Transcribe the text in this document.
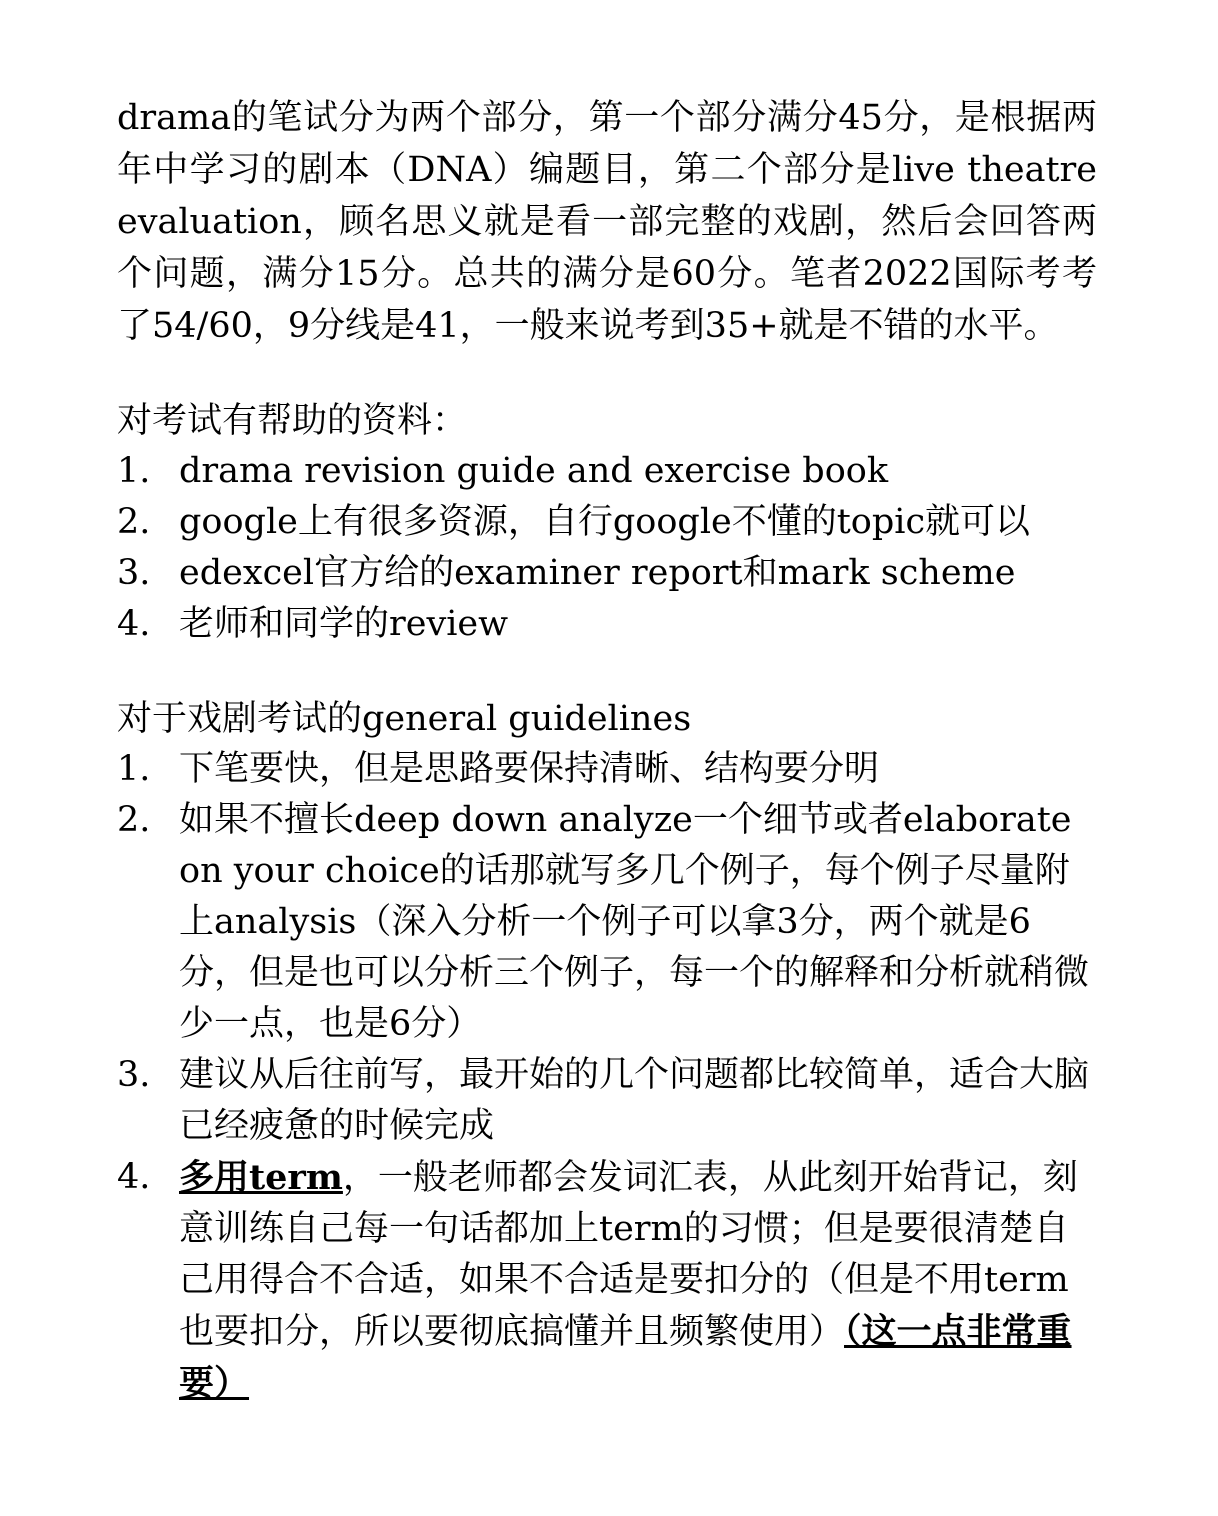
drama的笔试分为两个部分，第一个部分满分45分，是根据两年中学习的剧本（DNA）编题目，第二个部分是live theatre evaluation，顾名思义就是看一部完整的戏剧，然后会回答两个问题，满分15分。总共的满分是60分。笔者2022国际考考了54/60，9分线是41，一般来说考到35+就是不错的水平。

对考试有帮助的资料：

1. drama revision guide and exercise book
2. google上有很多资源，自行google不懂的topic就可以
3. edexcel官方给的examiner report和mark scheme
4. 老师和同学的review

对于戏剧考试的general guidelines

1. 下笔要快，但是思路要保持清晰、结构要分明
2. 如果不擅长deep down analyze一个细节或者elaborate on your choice的话那就写多几个例子，每个例子尽量附上analysis（深入分析一个例子可以拿3分，两个就是6分，但是也可以分析三个例子，每一个的解释和分析就稍微少一点，也是6分）
3. 建议从后往前写，最开始的几个问题都比较简单，适合大脑已经疲惫的时候完成
4. 多用term，一般老师都会发词汇表，从此刻开始背记，刻意训练自己每一句话都加上term的习惯；但是要很清楚自己用得合不合适，如果不合适是要扣分的（但是不用term也要扣分，所以要彻底搞懂并且频繁使用）（这一点非常重要）
